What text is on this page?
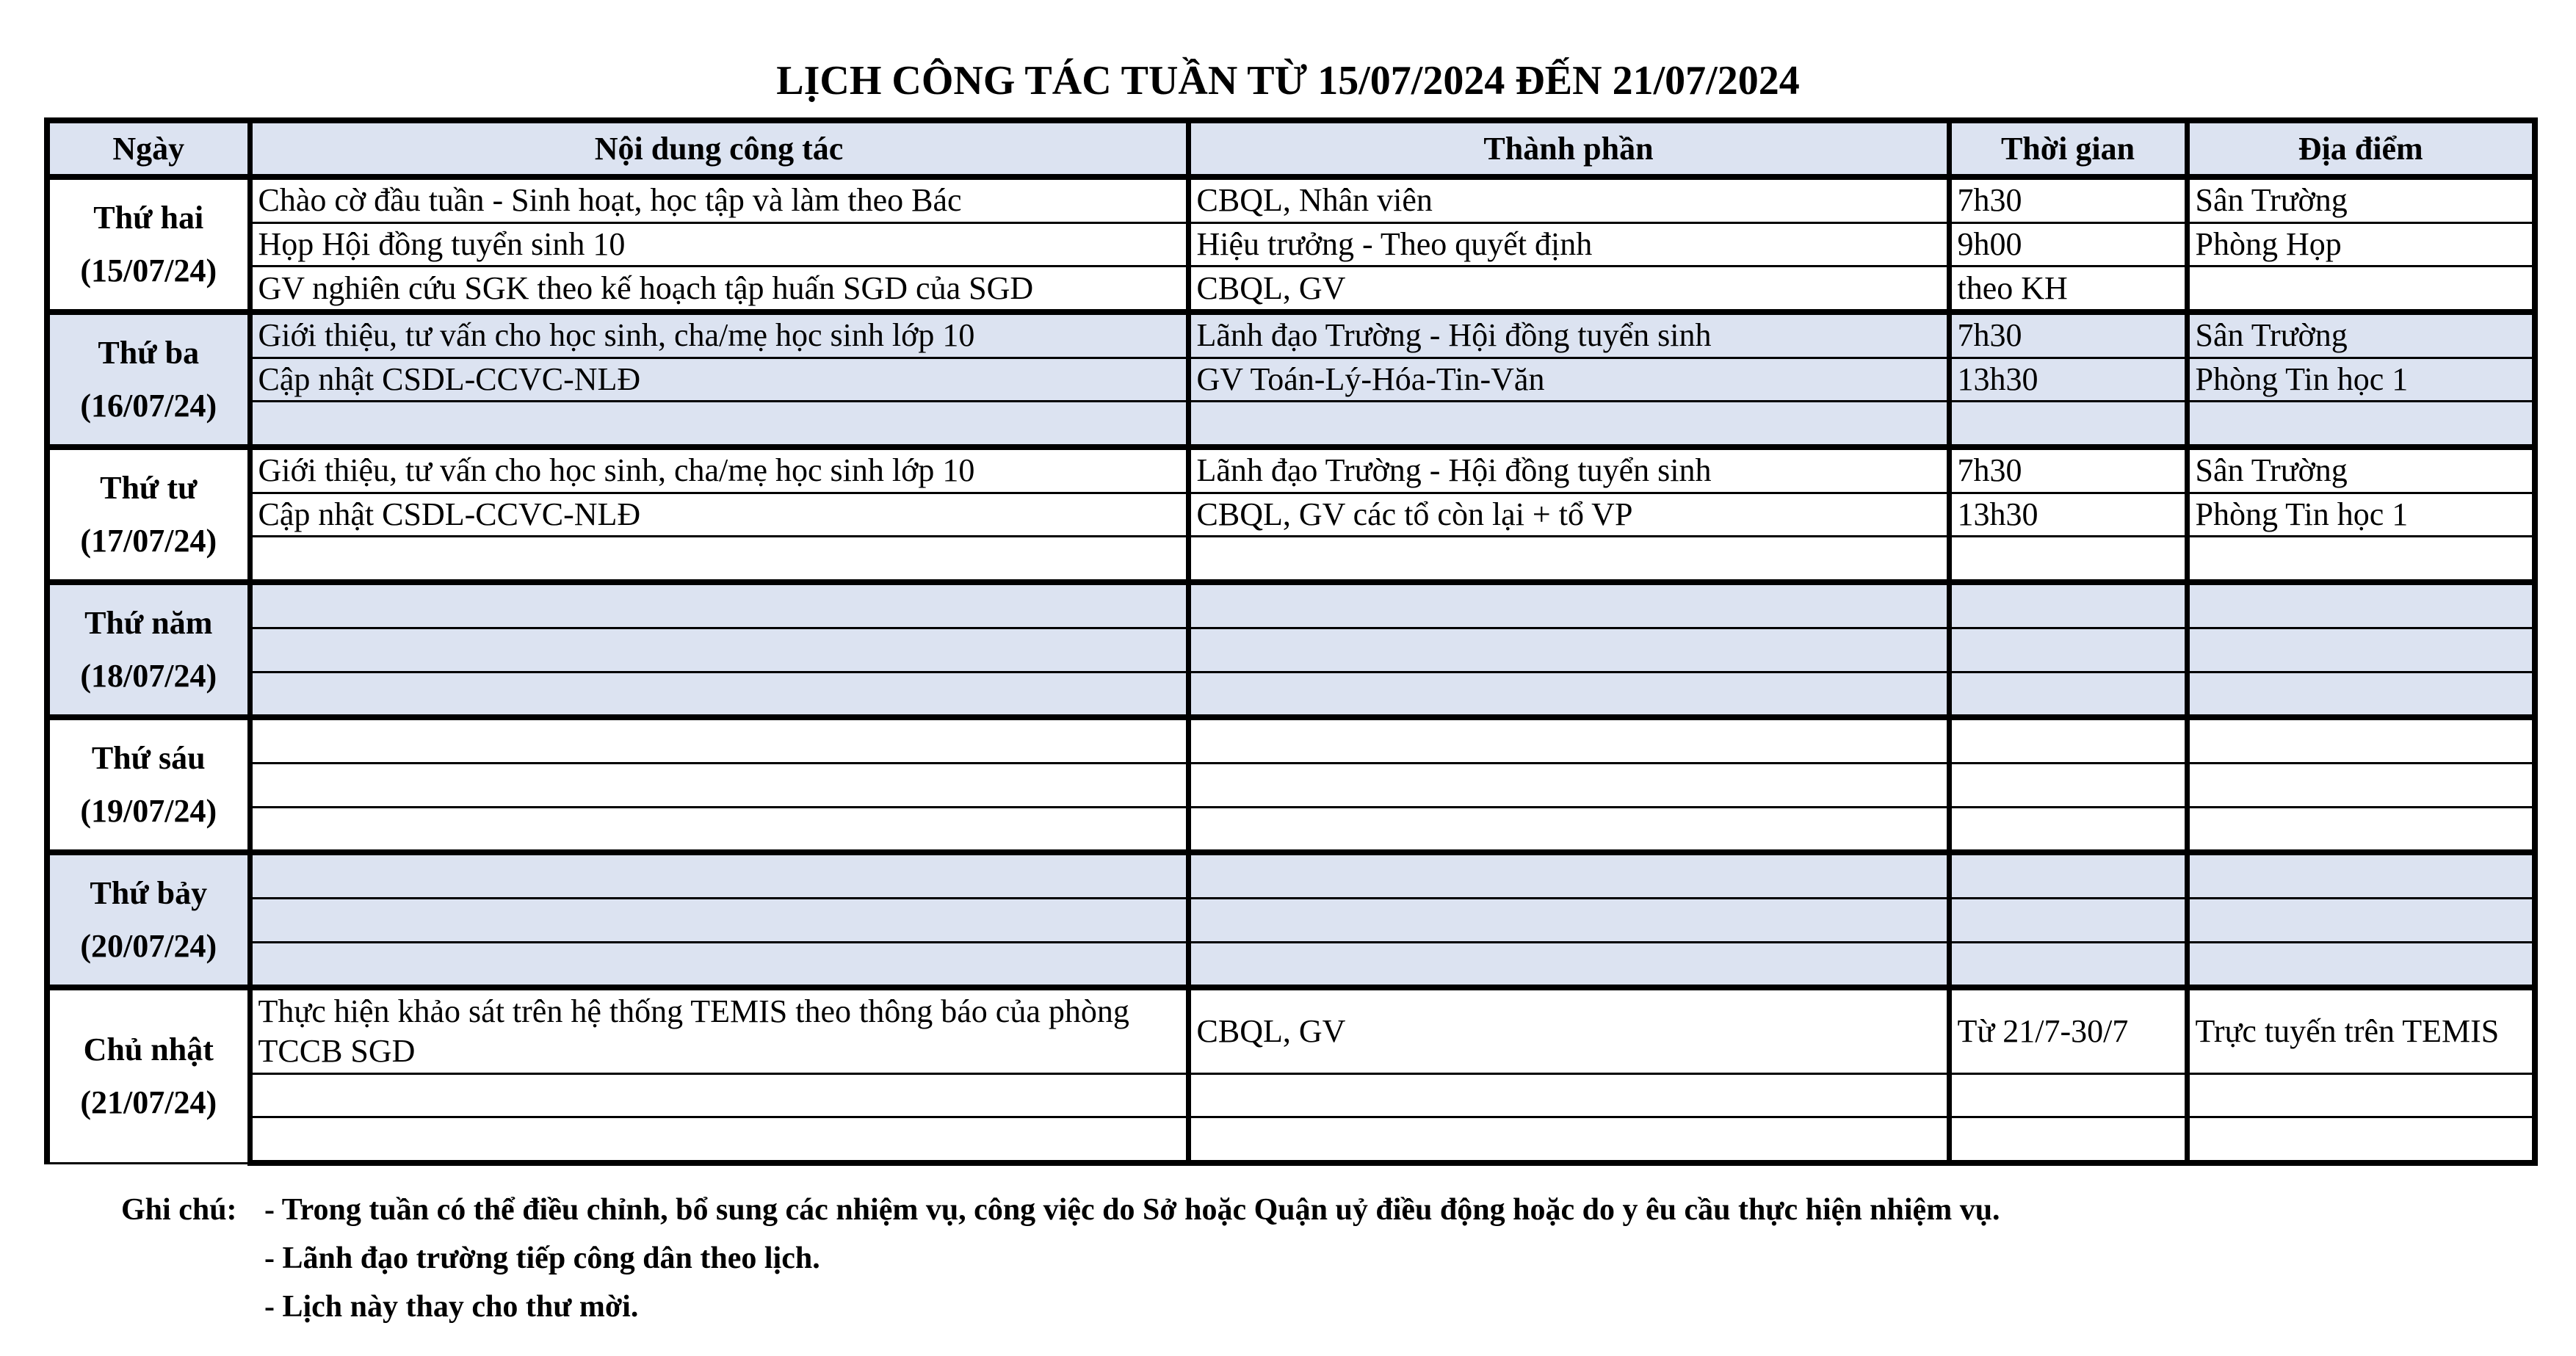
LỊCH CÔNG TÁC TUẦN TỪ 15/07/2024 ĐẾN 21/07/2024
Ngày	Nội dung công tác	Thành phần	Thời gian	Địa điểm

Thứ hai
(15/07/24)	Chào cờ đầu tuần - Sinh hoạt, học tập và làm theo Bác	CBQL, Nhân viên	7h30	Sân Trường
	Họp Hội đồng tuyển sinh 10	Hiệu trưởng - Theo quyết định	9h00	Phòng Họp
	GV nghiên cứu SGK theo kế hoạch tập huấn SGD của SGD	CBQL, GV	theo KH	

Thứ ba
(16/07/24)	Giới thiệu, tư vấn cho học sinh, cha/mẹ học sinh lớp 10	Lãnh đạo Trường - Hội đồng tuyển sinh	7h30	Sân Trường
	Cập nhật CSDL-CCVC-NLĐ	GV Toán-Lý-Hóa-Tin-Văn	13h30	Phòng Tin học 1

Thứ tư
(17/07/24)	Giới thiệu, tư vấn cho học sinh, cha/mẹ học sinh lớp 10	Lãnh đạo Trường - Hội đồng tuyển sinh	7h30	Sân Trường
	Cập nhật CSDL-CCVC-NLĐ	CBQL, GV các tổ còn lại + tổ VP	13h30	Phòng Tin học 1

Thứ năm
(18/07/24)				

Thứ sáu
(19/07/24)				

Thứ bảy
(20/07/24)				

Chủ nhật
(21/07/24)	Thực hiện khảo sát trên hệ thống TEMIS theo thông báo của phòng TCCB SGD	CBQL, GV	Từ 21/7-30/7	Trực tuyến trên TEMIS

Ghi chú: - Trong tuần có thể điều chỉnh, bổ sung các nhiệm vụ, công việc do Sở hoặc Quận uỷ điều động hoặc do y êu cầu thực hiện nhiệm vụ.
- Lãnh đạo trường tiếp công dân theo lịch.
- Lịch này thay cho thư mời.
